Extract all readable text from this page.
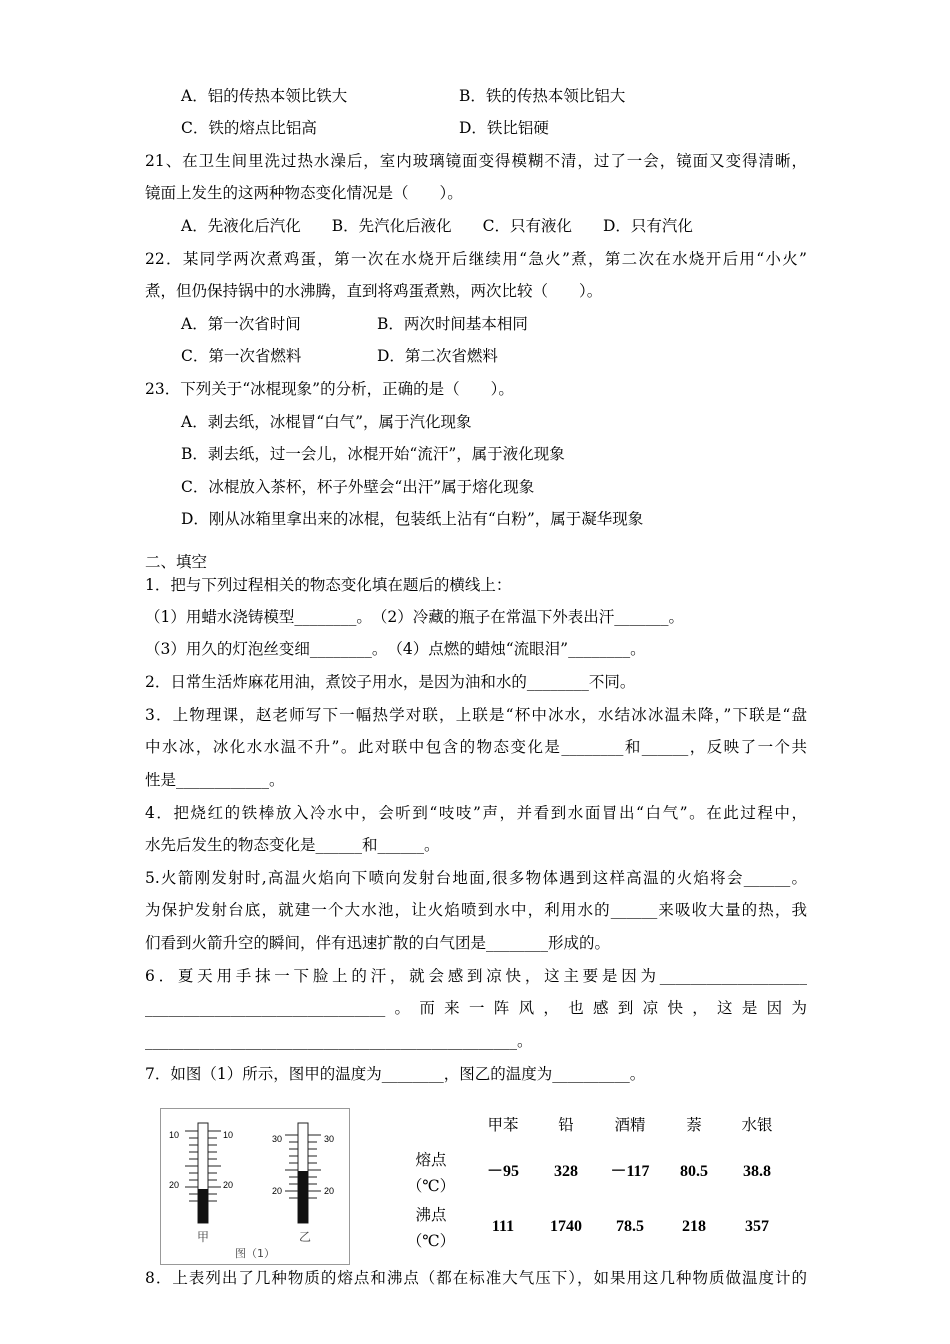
A．铝的传热本领比铁大	B．铁的传热本领比铝大
C．铁的熔点比铝高	D．铁比铝硬
21、在卫生间里洗过热水澡后，室内玻璃镜面变得模糊不清，过了一会，镜面又变得清晰，
镜面上发生的这两种物态变化情况是（　　）。
A．先液化后汽化　　B．先汽化后液化　　C．只有液化　　D．只有汽化
22．某同学两次煮鸡蛋，第一次在水烧开后继续用“急火”煮，第二次在水烧开后用“小火”
煮，但仍保持锅中的水沸腾，直到将鸡蛋煮熟，两次比较（　　）。
A．第一次省时间	B．两次时间基本相同
C．第一次省燃料	D．第二次省燃料
23．下列关于“冰棍现象”的分析，正确的是（　　）。
A．剥去纸，冰棍冒“白气”，属于汽化现象
B．剥去纸，过一会儿，冰棍开始“流汗”，属于液化现象
C．冰棍放入茶杯，杯子外壁会“出汗”属于熔化现象
D．刚从冰箱里拿出来的冰棍，包装纸上沾有“白粉”，属于凝华现象
二、填空
1．把与下列过程相关的物态变化填在题后的横线上：
（1）用蜡水浇铸模型________。　（2）冷藏的瓶子在常温下外表出汗_______。
（3）用久的灯泡丝变细________。　（4）点燃的蜡烛“流眼泪”________。
2．日常生活炸麻花用油，煮饺子用水，是因为油和水的________不同。
3．上物理课，赵老师写下一幅热学对联，上联是“杯中冰水，水结冰冰温未降，”下联是“盘
中水冰，冰化水水温不升”。此对联中包含的物态变化是________和______，反映了一个共
性是____________。
4．把烧红的铁棒放入冷水中，会听到“吱吱”声，并看到水面冒出“白气”。在此过程中，
水先后发生的物态变化是______和______。
5.火箭刚发射时,高温火焰向下喷向发射台地面,很多物体遇到这样高温的火焰将会______。
为保护发射台底，就建一个大水池，让火焰喷到水中，利用水的______来吸收大量的热，我
们看到火箭升空的瞬间，伴有迅速扩散的白气团是________形成的。
6．夏天用手抹一下脸上的汗，就会感到凉快，这主要是因为___________________
_______________________________。而来一阵风，也感到凉快，这是因为
________________________________________________。
7．如图（1）所示，图甲的温度为________，图乙的温度为__________。
10	10
20	20
30	30
20	20
甲	乙
图（1）
甲苯	铅	酒精	萘	水银
熔点
（℃）
－95	328	－117	80.5	38.8
沸点
（℃）
111	1740	78.5	218	357
8．上表列出了几种物质的熔点和沸点（都在标准大气压下），如果用这几种物质做温度计的
